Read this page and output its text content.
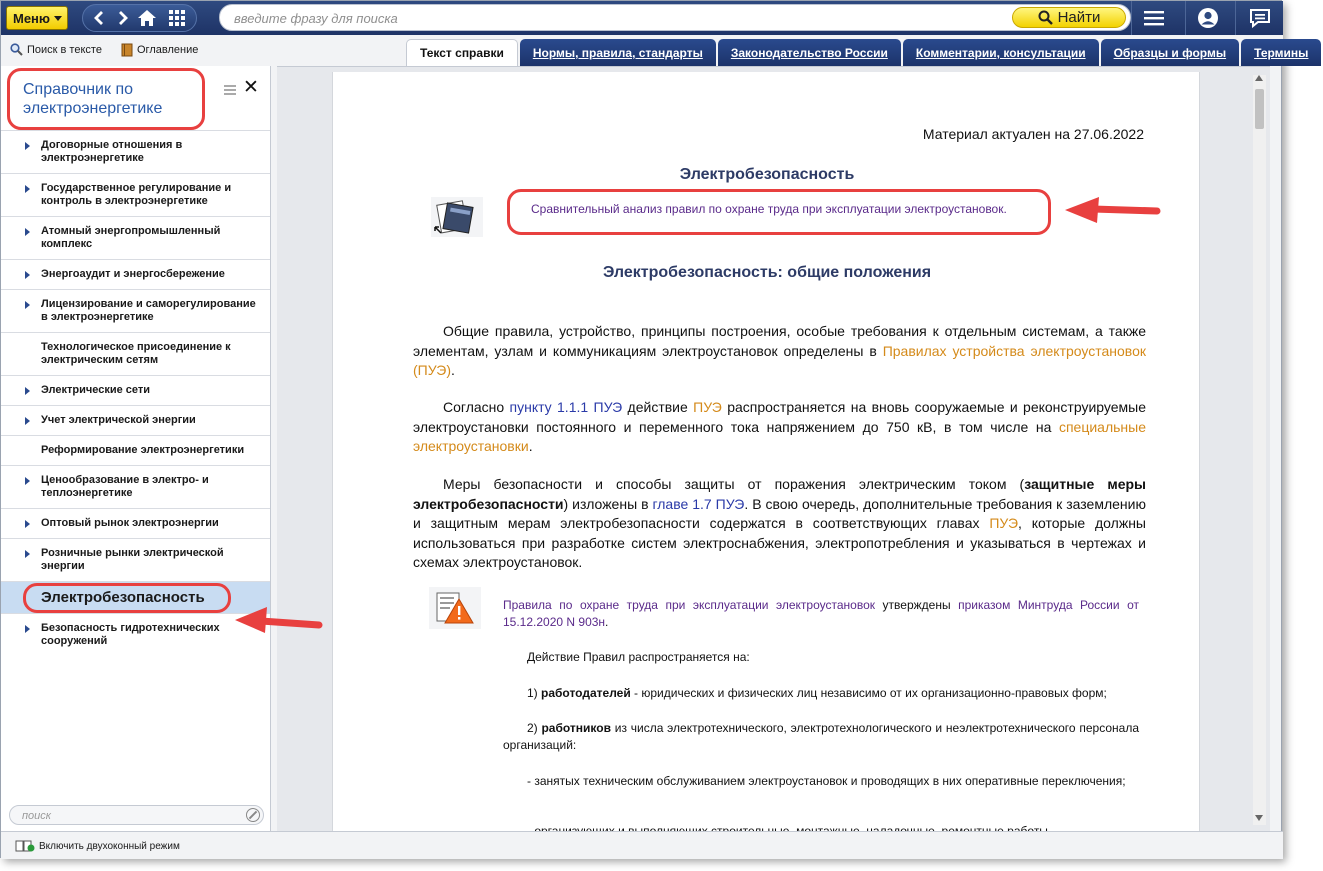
Меню
введите фразу для поиска	Найти
Поиск в тексте	Оглавление	Текст справки	Нормы, правила, стандарты	Законодательство России	Комментарии, консультации	Образцы и формы	Термины
Справочник по электроэнергетике
✕
Договорные отношения в электроэнергетике
Государственное регулирование и контроль в электроэнергетике
Атомный энергопромышленный комплекс
Энергоаудит и энергосбережение
Лицензирование и саморегулирование в электроэнергетике
Технологическое присоединение к электрическим сетям
Электрические сети
Учет электрической энергии
Реформирование электроэнергетики
Ценообразование в электро- и теплоэнергетике
Оптовый рынок электроэнергии
Розничные рынки электрической энергии
Электробезопасность
Безопасность гидротехнических сооружений
поиск
Материал актуален на 27.06.2022
Электробезопасность
Сравнительный анализ правил по охране труда при эксплуатации электроустановок.
Электробезопасность: общие положения
Общие правила, устройство, принципы построения, особые требования к отдельным системам, а также элементам, узлам и коммуникациям электроустановок определены в Правилах устройства электроустановок (ПУЭ).
Согласно пункту 1.1.1 ПУЭ действие ПУЭ распространяется на вновь сооружаемые и реконструируемые электроустановки постоянного и переменного тока напряжением до 750 кВ, в том числе на специальные электроустановки.
Меры безопасности и способы защиты от поражения электрическим током (защитные меры электробезопасности) изложены в главе 1.7 ПУЭ. В свою очередь, дополнительные требования к заземлению и защитным мерам электробезопасности содержатся в соответствующих главах ПУЭ, которые должны использоваться при разработке систем электроснабжения, электропотребления и указываться в чертежах и схемах электроустановок.
Правила по охране труда при эксплуатации электроустановок утверждены приказом Минтруда России от 15.12.2020 N 903н.
Действие Правил распространяется на:
1) работодателей - юридических и физических лиц независимо от их организационно-правовых форм;
2) работников из числа электротехнического, электротехнологического и неэлектротехнического персонала организаций:
- занятых техническим обслуживанием электроустановок и проводящих в них оперативные переключения;
Включить двухоконный режим
